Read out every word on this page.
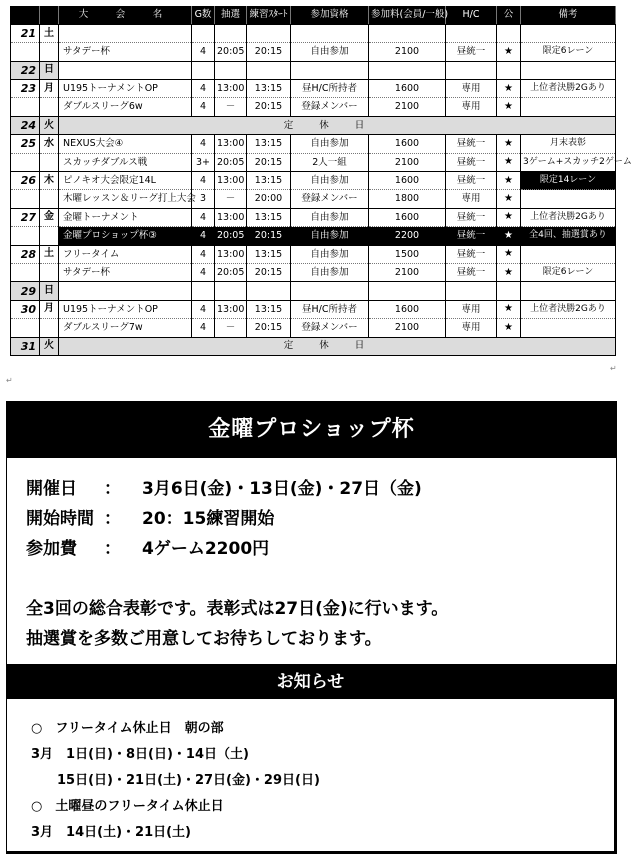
		大　会　名	G数	抽選	練習ｽﾀｰﾄ	参加資格	参加料(会員/一般)	H/C	公	備考
21	土									
		サタデー杯	4	20:05	20:15	自由参加	2100	昼統一	★	限定6レーン
22	日									
23	月	U195トーナメントOP	4	13:00	13:15	昼H/C所持者	1600	専用	★	上位者決勝2Gあり
		ダブルスリーグ6w	4	－	20:15	登録メンバー	2100	専用	★	
24	火	定休日								
25	水	NEXUS大会④	4	13:00	13:15	自由参加	1600	昼統一	★	月末表彰
		スカッチダブルス戦	3+	20:05	20:15	2人一組	2100	昼統一	★	3ゲーム+スカッチ2ゲーム
26	木	ピノキオ大会限定14L	4	13:00	13:15	自由参加	1600	昼統一	★	限定14レーン
		木曜レッスン＆リーグ打上大会	3	－	20:00	登録メンバー	1800	専用	★	
27	金	金曜トーナメント	4	13:00	13:15	自由参加	1600	昼統一	★	上位者決勝2Gあり
		金曜プロショップ杯③	4	20:05	20:15	自由参加	2200	昼統一	★	全4回、抽選賞あり
28	土	フリータイム	4	13:00	13:15	自由参加	1500	昼統一	★	
		サタデー杯	4	20:05	20:15	自由参加	2100	昼統一	★	限定6レーン
29	日									
30	月	U195トーナメントOP	4	13:00	13:15	昼H/C所持者	1600	専用	★	上位者決勝2Gあり
		ダブルスリーグ7w	4	－	20:15	登録メンバー	2100	専用	★	
31	火	定休日								
↵
↵
金曜プロショップ杯
開催日 ： 3月6日(金)・13日(金)・27日（金)
開始時間 ： 20：15練習開始
参加費 ： 4ゲーム2200円
全3回の総合表彰です。表彰式は27日(金)に行います。
抽選賞を多数ご用意してお待ちしております。
お知らせ
○　フリータイム休止日　朝の部
3月　1日(日)・8日(日)・14日（土)
　　15日(日)・21日(土)・27日(金)・29日(日)
○　土曜昼のフリータイム休止日
3月　14日(土)・21日(土)
